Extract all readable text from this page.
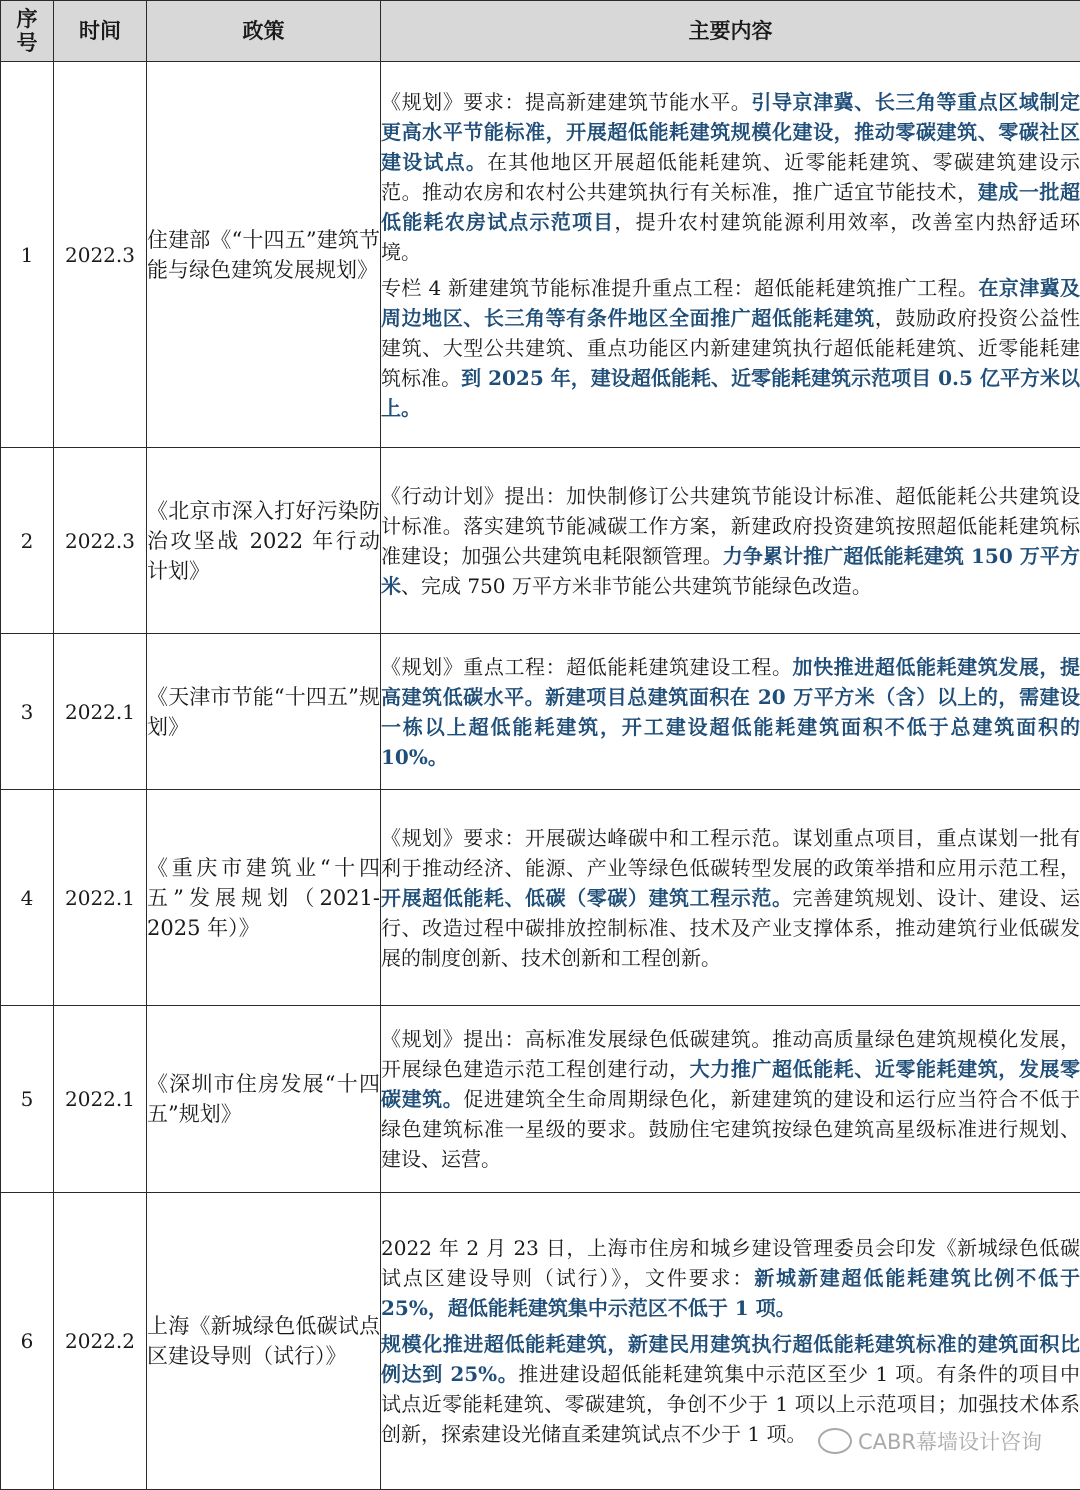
序号	时间	政策	主要内容
1	2022.3	住建部《“十四五”建筑节能与绿色建筑发展规划》	《规划》要求：提高新建建筑节能水平。引导京津冀、长三角等重点区域制定更高水平节能标准，开展超低能耗建筑规模化建设，推动零碳建筑、零碳社区建设试点。在其他地区开展超低能耗建筑、近零能耗建筑、零碳建筑建设示范。推动农房和农村公共建筑执行有关标准，推广适宜节能技术，建成一批超低能耗农房试点示范项目，提升农村建筑能源利用效率，改善室内热舒适环境。

专栏 4 新建建筑节能标准提升重点工程：超低能耗建筑推广工程。在京津冀及周边地区、长三角等有条件地区全面推广超低能耗建筑，鼓励政府投资公益性建筑、大型公共建筑、重点功能区内新建建筑执行超低能耗建筑、近零能耗建筑标准。到 2025 年，建设超低能耗、近零能耗建筑示范项目 0.5 亿平方米以上。

2	2022.3	《北京市深入打好污染防治攻坚战 2022 年行动计划》	《行动计划》提出：加快制修订公共建筑节能设计标准、超低能耗公共建筑设计标准。落实建筑节能减碳工作方案，新建政府投资建筑按照超低能耗建筑标准建设；加强公共建筑电耗限额管理。力争累计推广超低能耗建筑 150 万平方米、完成 750 万平方米非节能公共建筑节能绿色改造。

3	2022.1	《天津市节能“十四五”规划》	《规划》重点工程：超低能耗建筑建设工程。加快推进超低能耗建筑发展，提高建筑低碳水平。新建项目总建筑面积在 20 万平方米（含）以上的，需建设一栋以上超低能耗建筑，开工建设超低能耗建筑面积不低于总建筑面积的 10%。

4	2022.1	《重庆市建筑业“十四五”发展规划（2021-2025 年）》	《规划》要求：开展碳达峰碳中和工程示范。谋划重点项目，重点谋划一批有利于推动经济、能源、产业等绿色低碳转型发展的政策举措和应用示范工程，开展超低能耗、低碳（零碳）建筑工程示范。完善建筑规划、设计、建设、运行、改造过程中碳排放控制标准、技术及产业支撑体系，推动建筑行业低碳发展的制度创新、技术创新和工程创新。

5	2022.1	《深圳市住房发展“十四五”规划》	《规划》提出：高标准发展绿色低碳建筑。推动高质量绿色建筑规模化发展，开展绿色建造示范工程创建行动，大力推广超低能耗、近零能耗建筑，发展零碳建筑。促进建筑全生命周期绿色化，新建建筑的建设和运行应当符合不低于绿色建筑标准一星级的要求。鼓励住宅建筑按绿色建筑高星级标准进行规划、建设、运营。

6	2022.2	上海《新城绿色低碳试点区建设导则（试行）》	2022 年 2 月 23 日，上海市住房和城乡建设管理委员会印发《新城绿色低碳试点区建设导则（试行）》，文件要求：新城新建超低能耗建筑比例不低于 25%，超低能耗建筑集中示范区不低于 1 项。

规模化推进超低能耗建筑，新建民用建筑执行超低能耗建筑标准的建筑面积比例达到 25%。推进建设超低能耗建筑集中示范区至少 1 项。有条件的项目中试点近零能耗建筑、零碳建筑，争创不少于 1 项以上示范项目；加强技术体系创新，探索建设光储直柔建筑试点不少于 1 项。	CABR幕墙设计咨询
